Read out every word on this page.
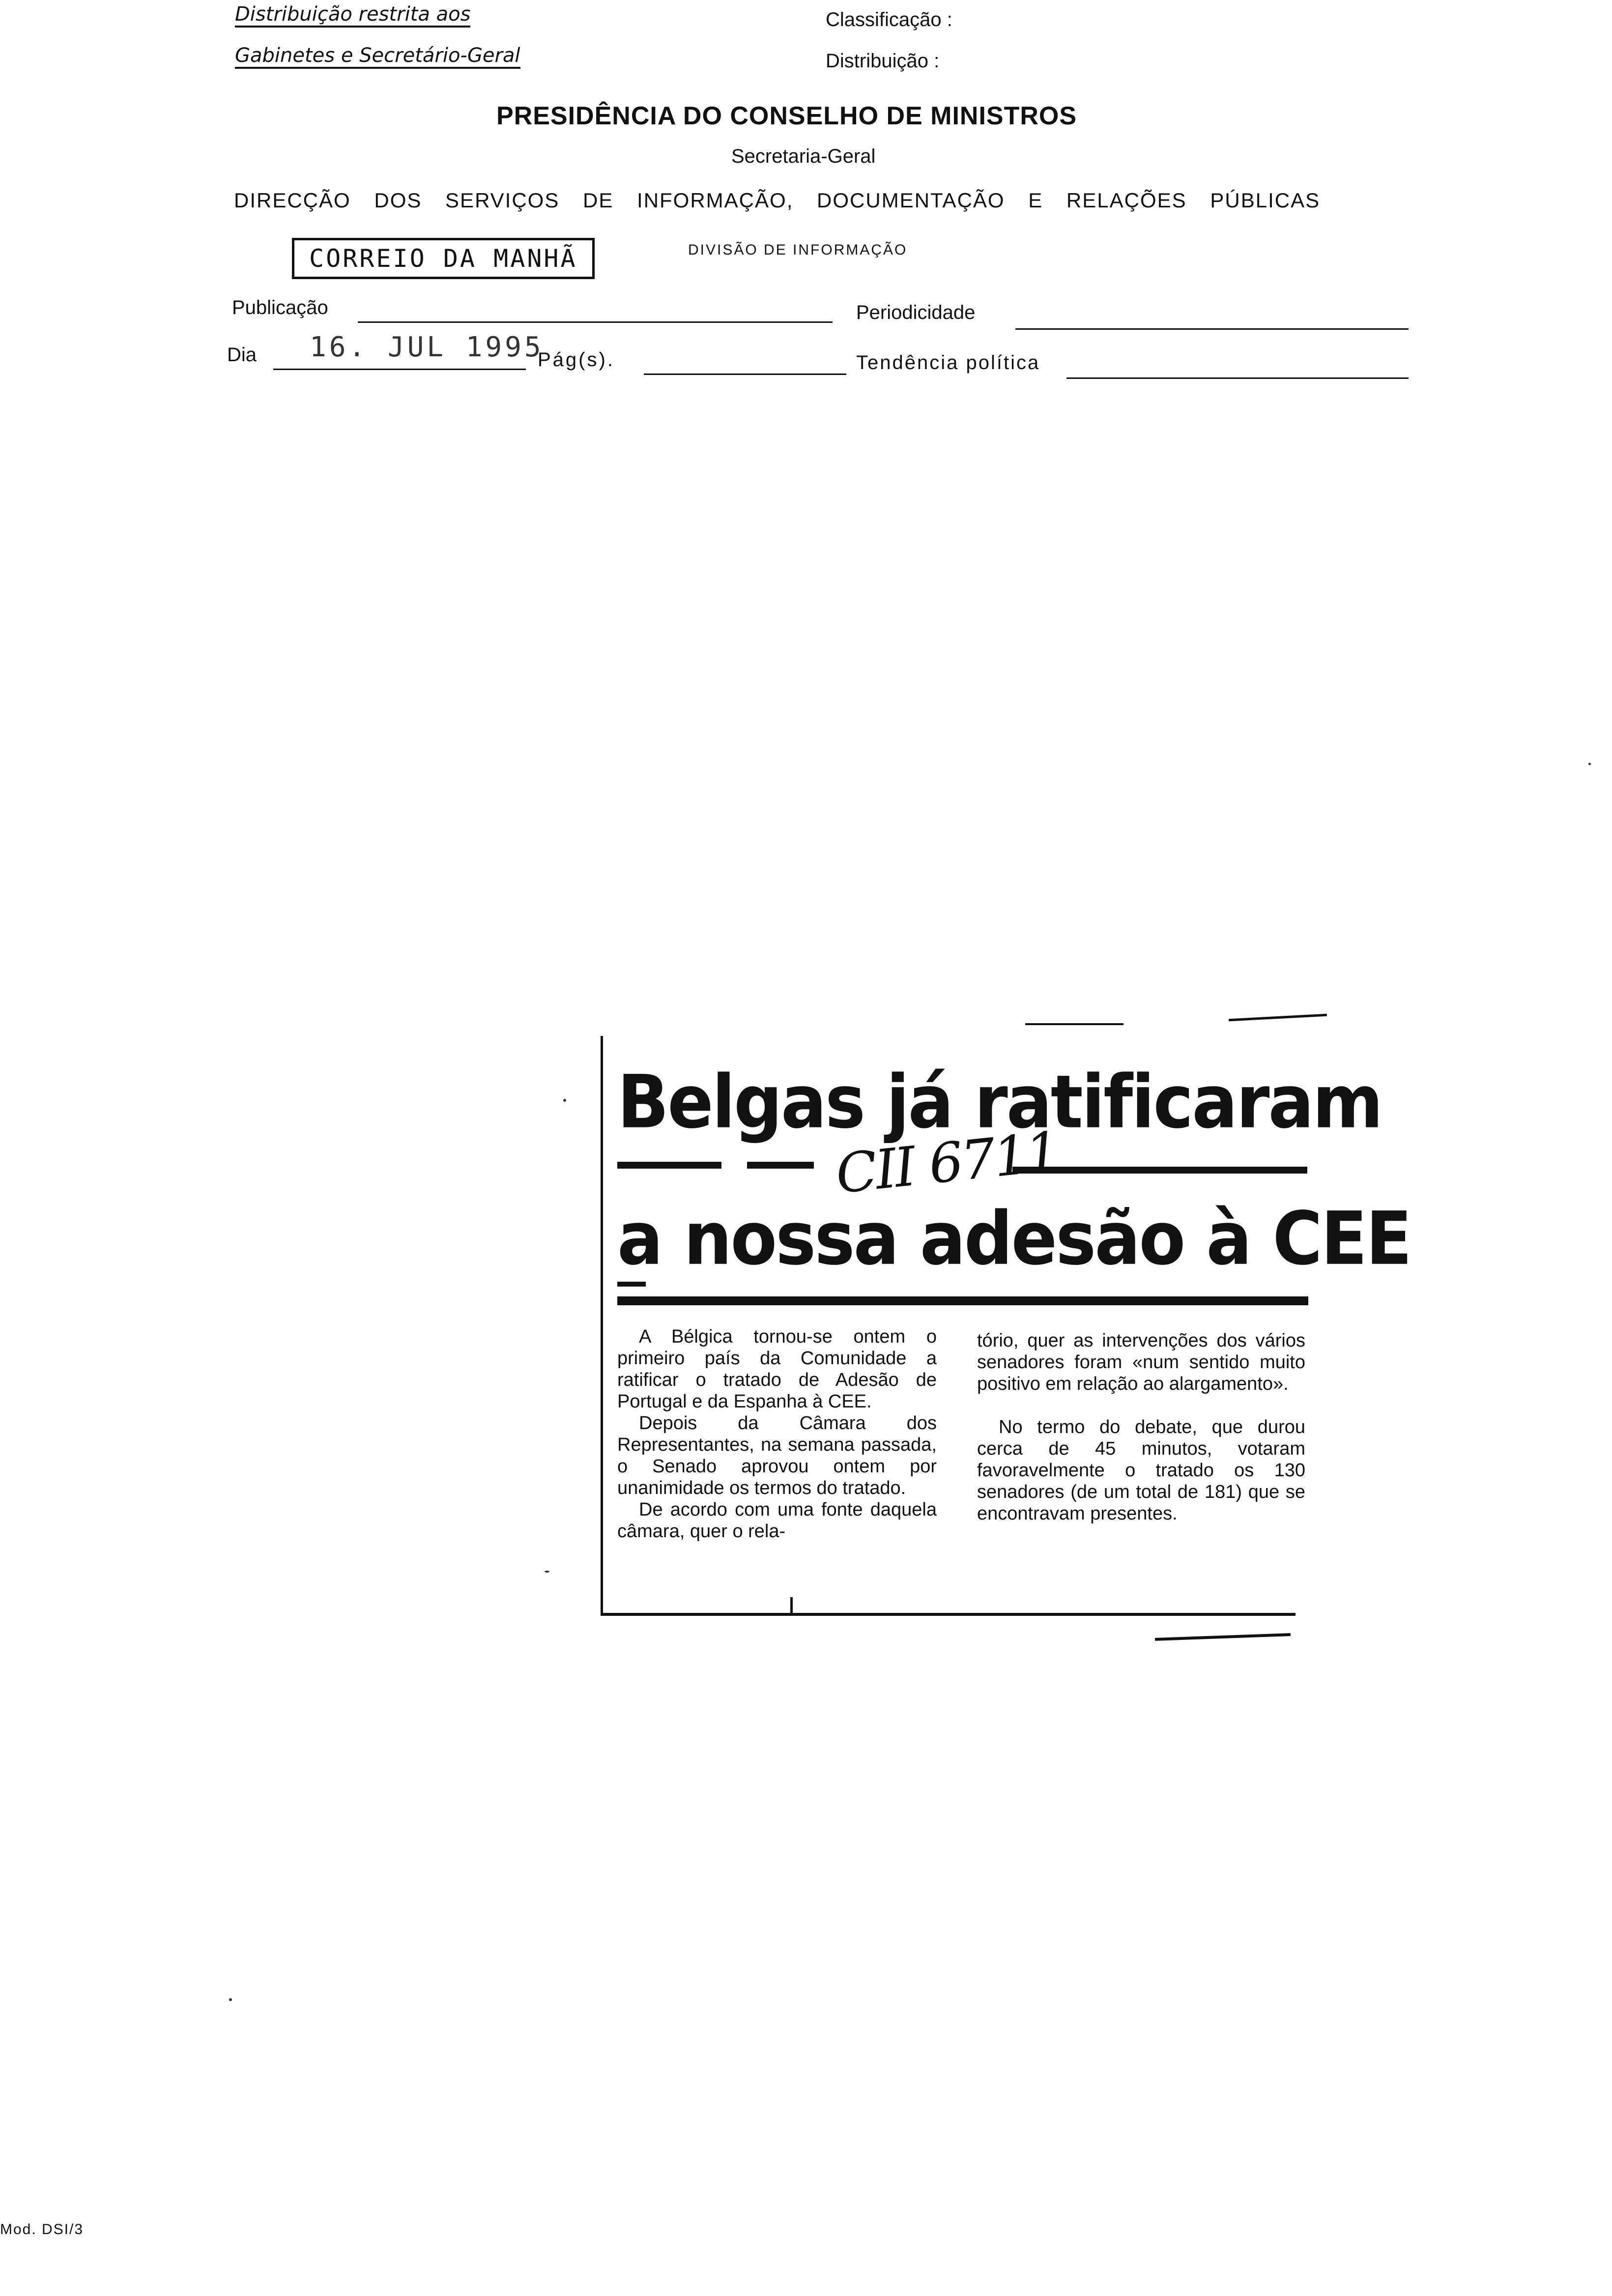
Distribuição restrita aos
Gabinetes e Secretário-Geral
Classificação :
Distribuição :
PRESIDÊNCIA DO CONSELHO DE MINISTROS
Secretaria-Geral
DIRECÇÃO DOS SERVIÇOS DE INFORMAÇÃO, DOCUMENTAÇÃO E RELAÇÕES PÚBLICAS
CORREIO DA MANHÃ	DIVISÃO DE INFORMAÇÃO
Publicação	Periodicidade
Dia 16. JUL 1995
Pág(s).	Tendência política
Belgas já ratificaram
CII 6711
a nossa adesão à CEE

A Bélgica tornou-se ontem o primeiro país da Comunidade a ratificar o tratado de Adesão de Portugal e da Espanha à CEE.

Depois da Câmara dos Representantes, na semana passada, o Senado aprovou ontem por unanimidade os termos do tratado.

De acordo com uma fonte daquela câmara, quer o rela-

tório, quer as intervenções dos vários senadores foram «num sentido muito positivo em relação ao alargamento».

No termo do debate, que durou cerca de 45 minutos, votaram favoravelmente o tratado os 130 senadores (de um total de 181) que se encontravam presentes.

Mod. DSI/3
